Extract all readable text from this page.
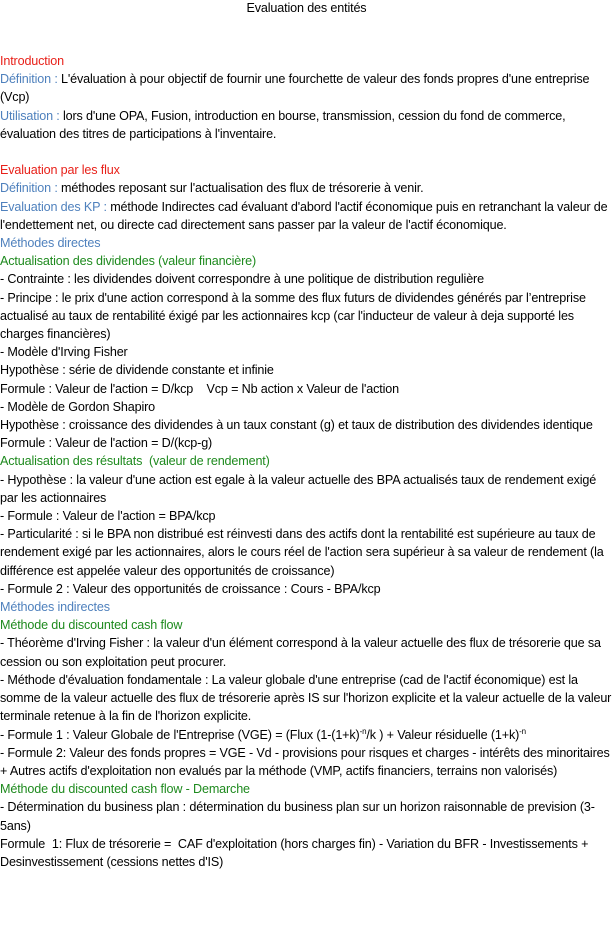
Evaluation des entités
Introduction
Définition : L'évaluation à pour objectif de fournir une fourchette de valeur des fonds propres d'une entreprise (Vcp)
Utilisation : lors d'une OPA, Fusion, introduction en bourse, transmission, cession du fond de commerce, évaluation des titres de participations à l'inventaire.
Evaluation par les flux
Définition : méthodes reposant sur l'actualisation des flux de trésorerie à venir.
Evaluation des KP : méthode Indirectes cad évaluant d'abord l'actif économique puis en retranchant la valeur de l'endettement net, ou directe cad directement sans passer par la valeur de l'actif économique.
Méthodes directes
Actualisation des dividendes (valeur financière)
- Contrainte : les dividendes doivent correspondre à une politique de distribution regulière
- Principe : le prix d'une action correspond à la somme des flux futurs de dividendes générés par l’entreprise actualisé au taux de rentabilité éxigé par les actionnaires kcp (car l'inducteur de valeur à deja supporté les charges financières)
- Modèle d'Irving Fisher
Hypothèse : série de dividende constante et infinie
Formule : Valeur de l'action = D/kcp    Vcp = Nb action x Valeur de l'action
- Modèle de Gordon Shapiro
Hypothèse : croissance des dividendes à un taux constant (g) et taux de distribution des dividendes identique
Formule : Valeur de l'action = D/(kcp-g)
Actualisation des résultats  (valeur de rendement)
- Hypothèse : la valeur d'une action est egale à la valeur actuelle des BPA actualisés taux de rendement exigé par les actionnaires
- Formule : Valeur de l'action = BPA/kcp
- Particularité : si le BPA non distribué est réinvesti dans des actifs dont la rentabilité est supérieure au taux de rendement exigé par les actionnaires, alors le cours réel de l'action sera supérieur à sa valeur de rendement (la différence est appelée valeur des opportunités de croissance)
- Formule 2 : Valeur des opportunités de croissance : Cours - BPA/kcp
Méthodes indirectes
Méthode du discounted cash flow
- Théorème d'Irving Fisher : la valeur d'un élément correspond à la valeur actuelle des flux de trésorerie que sa cession ou son exploitation peut procurer.
- Méthode d'évaluation fondamentale : La valeur globale d'une entreprise (cad de l'actif économique) est la somme de la valeur actuelle des flux de trésorerie après IS sur l'horizon explicite et la valeur actuelle de la valeur terminale retenue à la fin de l'horizon explicite.
- Formule 1 : Valeur Globale de l'Entreprise (VGE) = (Flux ($1-(1+k)^{-n}/k$ ) + Valeur résiduelle $(1+k)^{-n}$
- Formule 2: Valeur des fonds propres = VGE - Vd - provisions pour risques et charges - intérêts des minoritaires + Autres actifs d'exploitation non evalués par la méthode (VMP, actifs financiers, terrains non valorisés)
Méthode du discounted cash flow - Demarche
- Détermination du business plan : détermination du business plan sur un horizon raisonnable de prevision (3-5ans)
Formule  1: Flux de trésorerie =  CAF d'exploitation (hors charges fin) - Variation du BFR - Investissements + Desinvestissement (cessions nettes d'IS)
